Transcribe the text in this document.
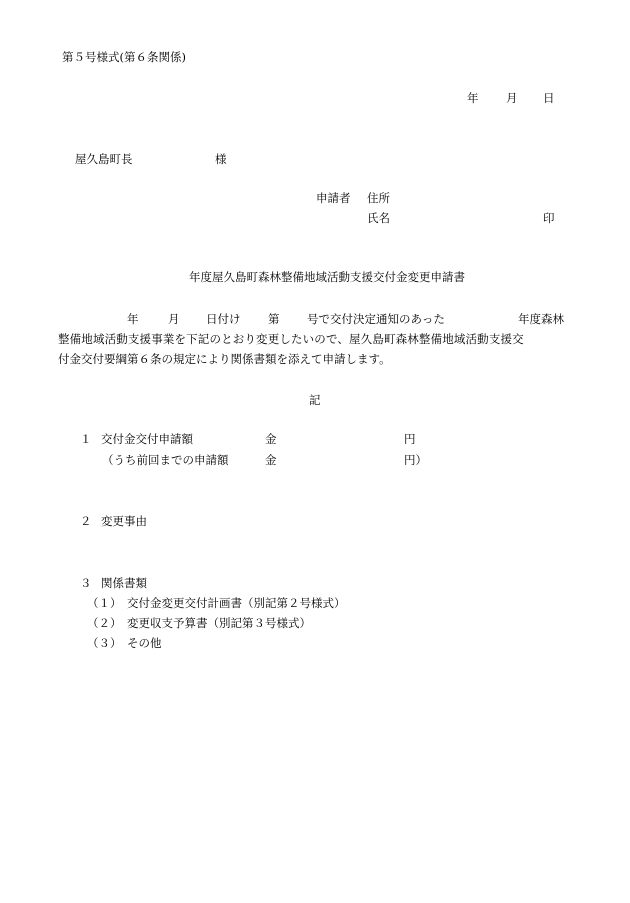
第５号様式(第６条関係)
年 月 日
屋久島町長	様
申請者 住所
氏名	印
年度屋久島町森林整備地域活動支援交付金変更申請書
年	月 日付け 第 号で交付決定通知のあった	年度森林
整備地域活動支援事業を下記のとおり変更したいので、屋久島町森林整備地域活動支援交
付金交付要綱第６条の規定により関係書類を添えて申請します。
記
１ 交付金交付申請額	金	円
（うち前回までの申請額	金	円）
２ 変更事由
３ 関係書類
（１） 交付金変更交付計画書（別記第２号様式）
（２） 変更収支予算書（別記第３号様式）
（３） その他
